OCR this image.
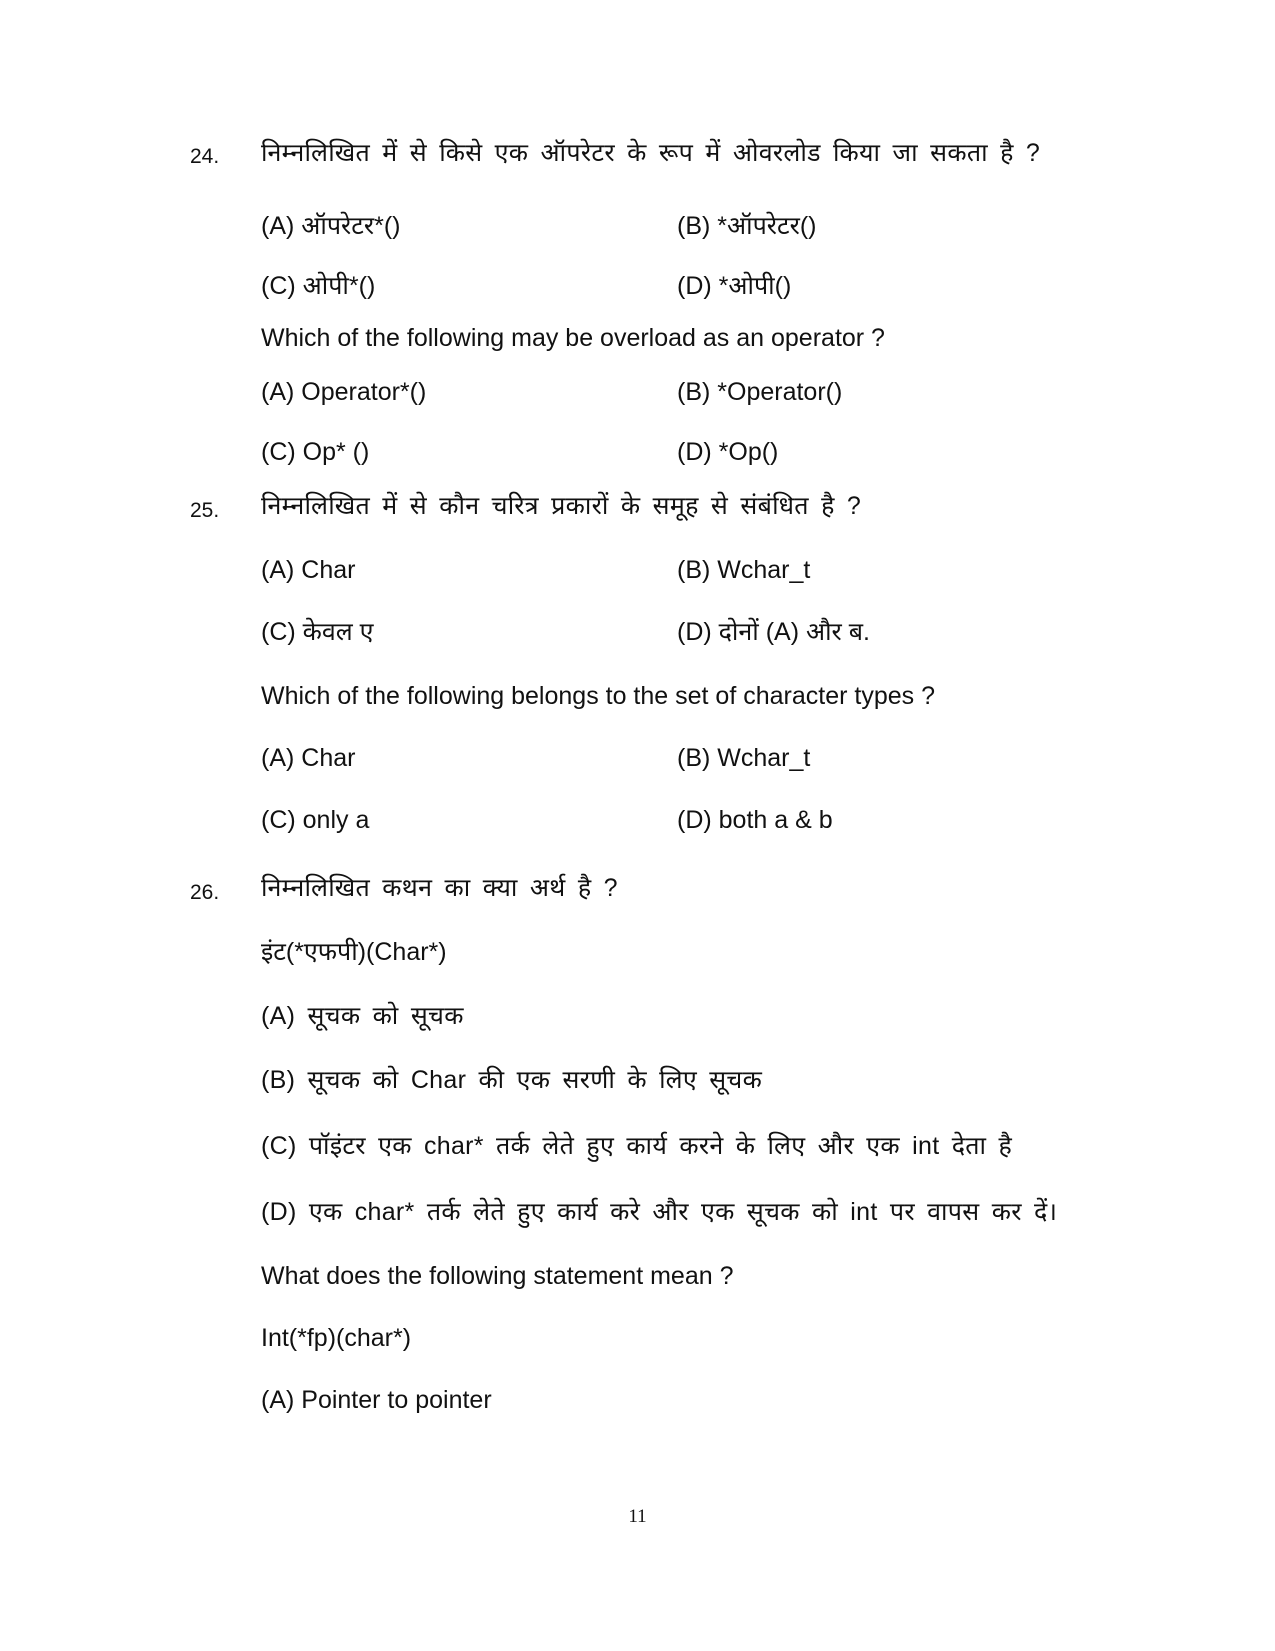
24. निम्नलिखित में से किसे एक ऑपरेटर के रूप में ओवरलोड किया जा सकता है ?
(A) ऑपरेटर*()	(B) *ऑपरेटर()
(C) ओपी*()	(D) *ओपी()
Which of the following may be overload as an operator ?
(A) Operator*()	(B) *Operator()
(C) Op* ()	(D) *Op()
25. निम्नलिखित में से कौन चरित्र प्रकारों के समूह से संबंधित है ?
(A) Char	(B) Wchar_t
(C) केवल ए	(D) दोनों (A) और ब.
Which of the following belongs to the set of character types ?
(A) Char	(B) Wchar_t
(C) only a	(D) both a & b
26. निम्नलिखित कथन का क्या अर्थ है ?
इंट(*एफपी)(Char*)
(A) सूचक को सूचक
(B) सूचक को Char की एक सरणी के लिए सूचक
(C) पॉइंटर एक char* तर्क लेते हुए कार्य करने के लिए और एक int देता है
(D) एक char* तर्क लेते हुए कार्य करे और एक सूचक को int पर वापस कर दें।
What does the following statement mean ?
Int(*fp)(char*)
(A) Pointer to pointer
11
